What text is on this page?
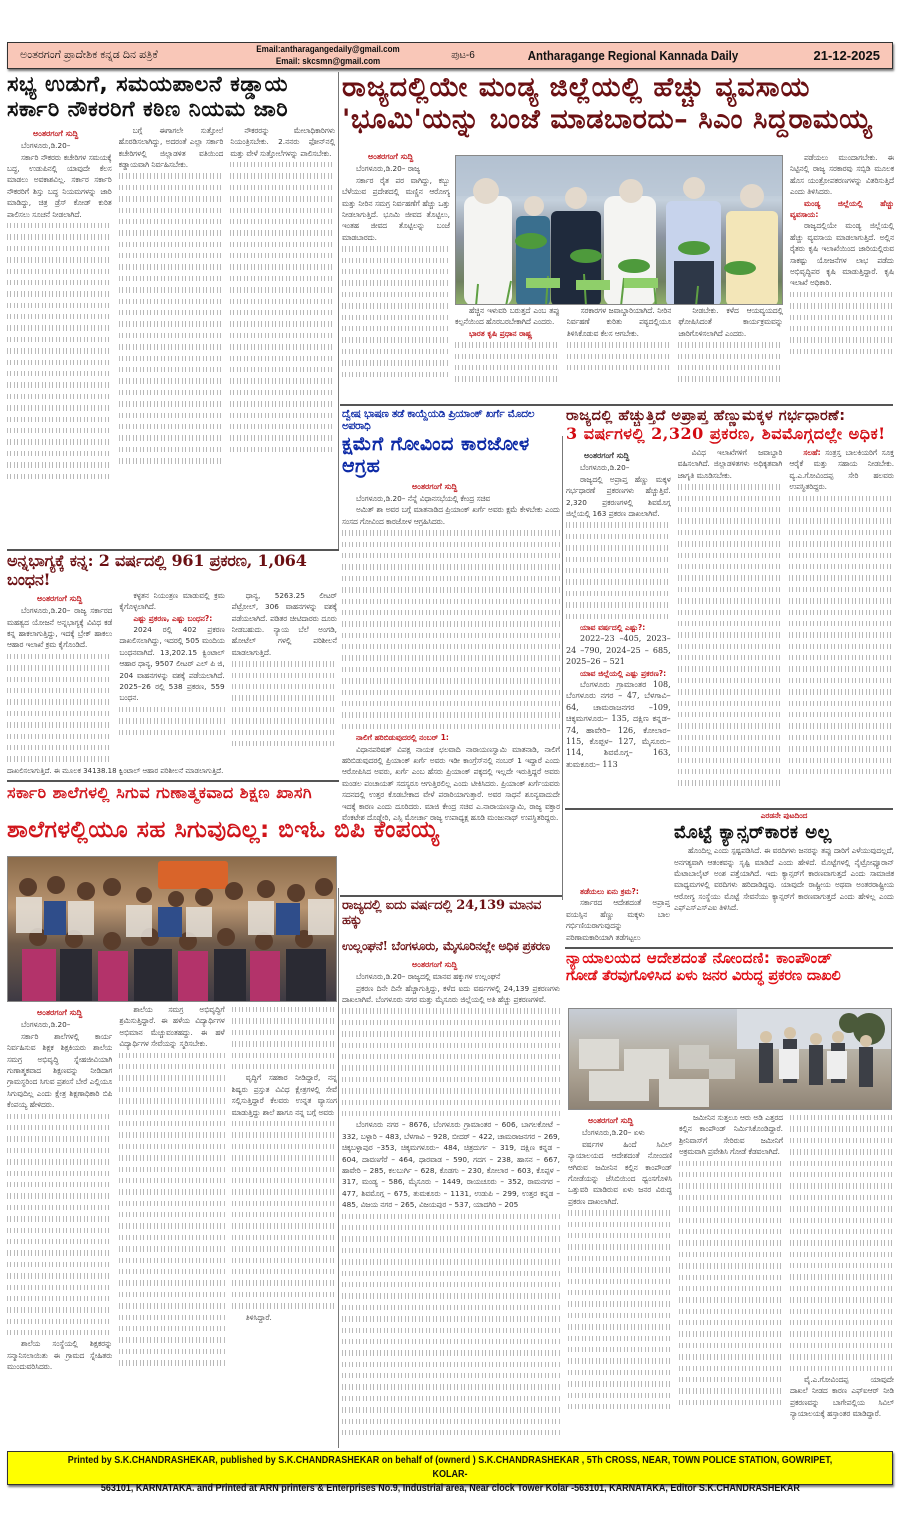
ಅಂತರಗಂಗೆ ಪ್ರಾದೇಶಿಕ ಕನ್ನಡ ದಿನ ಪತ್ರಿಕೆ	Email:antharagangedaily@gmail.com
Email: skcsmn@gmail.com	ಪುಟ-6	Antharagange Regional Kannada Daily	21-12-2025
ಸಭ್ಯ ಉಡುಗೆ, ಸಮಯಪಾಲನೆ ಕಡ್ಡಾಯ
ಸರ್ಕಾರಿ ನೌಕರರಿಗೆ ಕಠಿಣ ನಿಯಮ ಜಾರಿ
ಅಂತರಗಂಗೆ ಸುದ್ದಿ

ಬೆಂಗಳೂರು,ಡಿ.20–

ಸರ್ಕಾರಿ ನೌಕರರು ಕಚೇರಿಗಳ ಸಮಯಕ್ಕೆ ಬದ್ಧ, ಉಡುಪಿನಲ್ಲಿ ಯಾವುದೇ ಕೆಲಸ ಮಾಡಲು ಅವಕಾಶವಿಲ್ಲ. ಸರ್ಕಾರ ಸರ್ಕಾರಿ ನೌಕರರಿಗೆ ಶಿಸ್ತು ಬದ್ಧ ನಿಯಮಗಳನ್ನು ಜಾರಿ ಮಾಡಿದ್ದು, ಚಿತ್ರ ಡ್ರೆಸ್ ಕೋಡ್ ಕುರಿತ ಪಾಲಿಸಲು ಸೂಚನೆ ನೀಡಲಾಗಿದೆ.

ಬಗ್ಗೆ ಈಗಾಗಲೇ ಸುತ್ತೋಲೆ ಹೊರಡಿಸಲಾಗಿದ್ದು, ಅದರಂತೆ ಎಲ್ಲಾ ಸರ್ಕಾರಿ ಕಚೇರಿಗಳಲ್ಲಿ ಜಿಲ್ಲಾಡಳಿತ ವತಿಯಿಂದ ಕಡ್ಡಾಯವಾಗಿ ನಿರ್ವಹಿಸಬೇಕು.

ನೌಕರರನ್ನು ಮೇಲಾಧಿಕಾರಿಗಳು ನಿಯಂತ್ರಿಸಬೇಕು. 2.ನನರು ಫೋನ್‌ನಲ್ಲಿ ಮತ್ತು ವೇಳೆ ಸುತ್ತೋಲೆಗಳನ್ನು ಪಾಲಿಸಬೇಕು.

ರಾಜ್ಯದಲ್ಲಿಯೇ ಮಂಡ್ಯ ಜಿಲ್ಲೆಯಲ್ಲಿ ಹೆಚ್ಚು ವ್ಯವಸಾಯ
'ಭೂಮಿ'ಯನ್ನು ಬಂಜೆ ಮಾಡಬಾರದು– ಸಿಎಂ ಸಿದ್ದರಾಮಯ್ಯ
ಅಂತರಗಂಗೆ ಸುದ್ದಿ

ಬೆಂಗಳೂರು,ಡಿ.20– ರಾಜ್ಯ

ಸರ್ಕಾರ ರೈತ ಪರ ವಾಗಿದ್ದು, ಕಬ್ಬು ಬೆಳೆಯುವ ಪ್ರದೇಶದಲ್ಲಿ ಮಣ್ಣಿನ ಆರೋಗ್ಯ ಮತ್ತು ನೀರಿನ ಸಮಗ್ರ ನಿರ್ವಹಣೆಗೆ ಹೆಚ್ಚು ಒತ್ತು ನೀಡಲಾಗುತ್ತಿದೆ. ಭೂಮಿ ಜೀವದ ತೊಟ್ಟಿಲು, ಇಂತಹ ಜೀವದ ತೊಟ್ಟಿಲನ್ನು ಬಂಜೆ ಮಾಡಬಾರದು.

ಹೆಚ್ಚಿನ ಇಳುವರಿ ಬರುತ್ತದೆ ಎಂಬ ತಪ್ಪು ಕಲ್ಪನೆಯಿಂದ ಹೊರಬರಬೇಕಾಗಿದೆ ಎಂದರು.

ಭಾರತ ಕೃಷಿ ಪ್ರಧಾನ ರಾಷ್ಟ್ರ

ಸರಕಾರಗಳ ಜವಾಬ್ದಾರಿಯಾಗಿದೆ. ನೀರಿನ ನಿರ್ವಹಣೆ ಕುರಿತು ಪಠ್ಯದಲ್ಲಿಯೂ ತಿಳಿಸಿಕೊಡುವ ಕೆಲಸ ಆಗಬೇಕು.

ನೀಡಬೇಕು. ಕಳೆದ ಆಯವ್ಯಯದಲ್ಲಿ ಘೋಷಿಸಿದಂತೆ ಕಾರ್ಯಕ್ರಮವನ್ನು ಜಾರಿಗೊಳಿಸಲಾಗಿದೆ ಎಂದರು.

ಪಡೆಯಲು ಮುಂದಾಗಬೇಕು. ಈ ನಿಟ್ಟಿನಲ್ಲಿ ರಾಜ್ಯ ಸರಕಾರವು ಸಬ್ಸಿಡಿ ಮೂಲಕ ಹೊಸ ಯಂತ್ರೋಪಕರಣಗಳನ್ನು ವಿತರಿಸುತ್ತಿದೆ ಎಂದು ತಿಳಿಸಿದರು.

ಮಂಡ್ಯ ಜಿಲ್ಲೆಯಲ್ಲಿ ಹೆಚ್ಚು ವ್ಯವಸಾಯ:

ರಾಜ್ಯದಲ್ಲಿಯೇ ಮಂಡ್ಯ ಜಿಲ್ಲೆಯಲ್ಲಿ ಹೆಚ್ಚು ವ್ಯವಸಾಯ ಮಾಡಲಾಗುತ್ತಿದೆ. ಅಲ್ಲಿನ ರೈತರು ಕೃಷಿ ಇಲಾಖೆಯಿಂದ ಜಾರಿಯಲ್ಲಿರುವ ಸಾಕಷ್ಟು ಯೋಜನೆಗಳ ಲಾಭ ಪಡೆದು ಅಭಿವೃದ್ಧಿಪರ ಕೃಷಿ ಮಾಡುತ್ತಿದ್ದಾರೆ. ಕೃಷಿ ಇಲಾಖೆ ಅಧಿಕಾರಿ.

ದ್ವೇಷ ಭಾಷಣ ತಡೆ ಕಾಯ್ದೆಯಡಿ ಪ್ರಿಯಾಂಕ್ ಖರ್ಗೆ ಮೊದಲ ಅಪರಾಧಿ
ಕ್ಷಮೆಗೆ ಗೋವಿಂದ ಕಾರಜೋಳ ಆಗ್ರಹ
ಅಂತರಗಂಗೆ ಸುದ್ದಿ

ಬೆಂಗಳೂರು,ಡಿ.20– ನೆನ್ನೆ ವಿಧಾನಸಭೆಯಲ್ಲಿ ಕೇಂದ್ರ ಸಚಿವ

ಅಮಿತ್ ಶಾ ಅವರ ಬಗ್ಗೆ ಮಾತನಾಡಿದ ಪ್ರಿಯಾಂಕ್ ಖರ್ಗೆ ಅವರು ಕ್ಷಮೆ ಕೇಳಬೇಕು ಎಂದು ಸಂಸದ ಗೋವಿಂದ ಕಾರಜೋಳ ಆಗ್ರಹಿಸಿದರು.

ನಾಲಿಗೆ ಹರಿಬಿಡುವುದರಲ್ಲಿ ನಂಬರ್ 1:

ವಿಧಾನಪರಿಷತ್ ವಿಪಕ್ಷ ನಾಯಕ ಛಲವಾದಿ ನಾರಾಯಣಸ್ವಾಮಿ ಮಾತನಾಡಿ, ನಾಲಿಗೆ ಹರಿಬಿಡುವುದರಲ್ಲಿ ಪ್ರಿಯಾಂಕ್ ಖರ್ಗೆ ಅವರು ಇಡೀ ಕಾಂಗ್ರೆಸ್‌ನಲ್ಲಿ ನಂಬರ್ 1 ಇದ್ದಾರೆ ಎಂದು ಆರೋಪಿಸಿದ ಅವರು, ಖರ್ಗೆ ಎಂಬ ಹೆಸರು ಪ್ರಿಯಾಂಕ್ ಪಕ್ಕದಲ್ಲಿ ಇಲ್ಲದೇ ಇರುತ್ತಿದ್ದರೆ ಅವರು ಮಂಡಲ ಪಂಚಾಯತ್ ಸದಸ್ಯರೂ ಆಗುತ್ತಿರಲಿಲ್ಲ ಎಂದು ಟೀಕಿಸಿದರು. ಪ್ರಿಯಾಂಕ್ ಖರ್ಗೆಯವರು ಸದನದಲ್ಲಿ ಉತ್ತರ ಕೊಡಬೇಕಾದ ವೇಳೆ ಪರಾರಿಯಾಗುತ್ತಾರೆ. ಅವರ ಸಾಧನೆ ಶೂನ್ಯವಾದುದೇ ಇದಕ್ಕೆ ಕಾರಣ ಎಂದು ದೂರಿದರು. ಮಾಜಿ ಕೇಂದ್ರ ಸಚಿವ ಎ.ನಾರಾಯಣಸ್ವಾಮಿ, ರಾಜ್ಯ ವಕ್ತಾರ ವೆಂಕಟೇಶ ದೊಡ್ಡೇರಿ, ಎಸ್ಸಿ ಮೋರ್ಚಾ ರಾಜ್ಯ ಉಪಾಧ್ಯಕ್ಷ ಹೂಡಿ ಮಂಜುನಾಥ್ ಉಪಸ್ಥಿತರಿದ್ದರು.

ರಾಜ್ಯದಲ್ಲಿ ಹೆಚ್ಚುತ್ತಿದೆ ಅಪ್ರಾಪ್ತ ಹೆಣ್ಣುಮಕ್ಕಳ ಗರ್ಭಧಾರಣೆ:
3 ವರ್ಷಗಳಲ್ಲಿ 2,320 ಪ್ರಕರಣ, ಶಿವಮೊಗ್ಗದಲ್ಲೇ ಅಧಿಕ!
ಅಂತರಗಂಗೆ ಸುದ್ದಿ

ಬೆಂಗಳೂರು,ಡಿ.20–

ರಾಜ್ಯದಲ್ಲಿ ಅಪ್ರಾಪ್ತ ಹೆಣ್ಣು ಮಕ್ಕಳ ಗರ್ಭಧಾರಣೆ ಪ್ರಕರಣಗಳು ಹೆಚ್ಚುತ್ತಿವೆ. 2,320 ಪ್ರಕರಣಗಳಲ್ಲಿ ಶಿವಮೊಗ್ಗ ಜಿಲ್ಲೆಯಲ್ಲಿ 163 ಪ್ರಕರಣ ದಾಖಲಾಗಿವೆ.

ಯಾವ ವರ್ಷದಲ್ಲಿ ಎಷ್ಟು?:

2022–23 –405, 2023–24 –790, 2024–25 – 685, 2025–26 – 521

ಯಾವ ಜಿಲ್ಲೆಯಲ್ಲಿ ಎಷ್ಟು ಪ್ರಕರಣ?:

ಬೆಂಗಳೂರು ಗ್ರಾಮಾಂತರ 108, ಬೆಂಗಳೂರು ನಗರ – 47, ಬೆಳಗಾವಿ– 64, ಚಾಮರಾಜನಗರ –109, ಚಿಕ್ಕಮಗಳೂರು– 135, ದಕ್ಷಿಣ ಕನ್ನಡ– 74, ಹಾವೇರಿ– 126, ಕೋಲಾರ– 115, ಕೊಪ್ಪಳ– 127, ಮೈಸೂರು– 114, ಶಿವಮೊಗ್ಗ– 163, ತುಮಕೂರು– 113

ವಿವಿಧ ಇಲಾಖೆಗಳಿಗೆ ಜವಾಬ್ದಾರಿ ವಹಿಸಲಾಗಿದೆ. ಜಿಲ್ಲಾಡಳಿತಗಳು ಅಧಿಕೃತವಾಗಿ ಜಾಗೃತಿ ಮೂಡಿಸಬೇಕು.

ಸಲಹೆ: ಸಂತ್ರಸ್ತ ಬಾಲಕಿಯರಿಗೆ ಸೂಕ್ತ ಆರೈಕೆ ಮತ್ತು ಸಹಾಯ ನೀಡಬೇಕು. ವ್ಯ.ಎ.ಗೋವಿಂದಪ್ಪ ಸೇರಿ ಹಲವರು ಉಪಸ್ಥಿತರಿದ್ದರು.

ಅನ್ನಭಾಗ್ಯಕ್ಕೆ ಕನ್ನ: 2 ವರ್ಷದಲ್ಲಿ 961 ಪ್ರಕರಣ, 1,064 ಬಂಧನ!
ಅಂತರಗಂಗೆ ಸುದ್ದಿ

ಬೆಂಗಳೂರು,ಡಿ.20– ರಾಜ್ಯ ಸರ್ಕಾರದ ಮಹತ್ವದ ಯೋಜನೆ ಅನ್ನಭಾಗ್ಯಕ್ಕೆ ವಿವಿಧ ಕಡೆ ಕನ್ನ ಹಾಕಲಾಗುತ್ತಿದ್ದು, ಇದಕ್ಕೆ ಬ್ರೇಕ್ ಹಾಕಲು ಆಹಾರ ಇಲಾಖೆ ಕ್ರಮ ಕೈಗೊಂಡಿದೆ.

ಕಳ್ಳತನ ನಿಯಂತ್ರಣ ಮಾಡುವಲ್ಲಿ ಕ್ರಮ ಕೈಗೊಳ್ಳಲಾಗಿದೆ.

ಎಷ್ಟು ಪ್ರಕರಣ, ಎಷ್ಟು ಬಂಧನ?:

2024 ರಲ್ಲಿ 402 ಪ್ರಕರಣ ದಾಖಲಿಸಲಾಗಿದ್ದು, ಇದರಲ್ಲಿ 505 ಮಂದಿಯ ಬಂಧನವಾಗಿದೆ. 13,202.15 ಕ್ವಿಂಟಾಲ್ ಆಹಾರ ಧಾನ್ಯ, 9507 ಲೀಟರ್ ಎಲ್ ಪಿ ಜಿ, 204 ವಾಹನಗಳನ್ನು ವಶಕ್ಕೆ ಪಡೆಯಲಾಗಿದೆ. 2025–26 ರಲ್ಲಿ 538 ಪ್ರಕರಣ, 559 ಬಂಧನ.

ಧಾನ್ಯ, 5263.25 ಲೀಟರ್ ಪೆಟ್ರೋಲ್, 306 ವಾಹನಗಳನ್ನು ವಶಕ್ಕೆ ಪಡೆಯಲಾಗಿದೆ. ಪಡಿತರ ಚೀಟಿದಾರರು ದೂರು ನೀಡಬಹುದು. ನ್ಯಾಯ ಬೆಲೆ ಅಂಗಡಿ, ಹೋಟೆಲ್ ಗಳಲ್ಲಿ ಪರಿಶೀಲನೆ ಮಾಡಲಾಗುತ್ತಿದೆ.

ದಾಖಲಿಸಲಾಗುತ್ತಿದೆ. ಈ ಮೂಲಕ 34138.18 ಕ್ವಿಂಟಾಲ್ ಆಹಾರ ಪರಿಶೀಲನೆ ಮಾಡಲಾಗುತ್ತಿದೆ.
ಸರ್ಕಾರಿ ಶಾಲೆಗಳಲ್ಲಿ ಸಿಗುವ ಗುಣಾತ್ಮಕವಾದ ಶಿಕ್ಷಣ ಖಾಸಗಿ
ಶಾಲೆಗಳಲ್ಲಿಯೂ ಸಹ ಸಿಗುವುದಿಲ್ಲ: ಬಿಇಓ ಬಿಪಿ ಕೆಂಪಯ್ಯ
ಅಂತರಗಂಗೆ ಸುದ್ದಿ

ಬೆಂಗಳೂರು,ಡಿ.20–

ಸರ್ಕಾರಿ ಶಾಲೆಗಳಲ್ಲಿ ಕಾರ್ಯ ನಿರ್ವಹಿಸುವ ಶಿಕ್ಷಕ ಶಿಕ್ಷಕಿಯರು ಶಾಲೆಯ ಸಮಗ್ರ ಅಭಿವೃದ್ಧಿ ಸ್ನೇಹಜೀವಿಯಾಗಿ ಗುಣಾತ್ಮಕವಾದ ಶಿಕ್ಷಣವನ್ನು ನೀಡಿದಾಗ ಗ್ರಾಮಸ್ಥರಿಂದ ಸಿಗುವ ಪ್ರಶಂಸೆ ಬೇರೆ ಎಲ್ಲಿಯೂ ಸಿಗುವುದಿಲ್ಲ ಎಂದು ಕ್ಷೇತ್ರ ಶಿಕ್ಷಣಾಧಿಕಾರಿ ಬಿಪಿ ಕೆಂಪಯ್ಯ ಹೇಳಿದರು.

ಶಾಲೆಯ ಸಂಸ್ಥೆಯಲ್ಲಿ ಶಿಕ್ಷಕರನ್ನು ಸನ್ಮಾನಿಸಲಾಯಿತು ಈ ಗ್ರಾಮದ ಸ್ನೇಹಿತರು ಮುಂದುವರಿಸಿದರು.

ಶಾಲೆಯ ಸಮಗ್ರ ಅಭಿವೃದ್ಧಿಗೆ ಶ್ರಮಿಸುತ್ತಿದ್ದಾರೆ. ಈ ಹಳೆಯ ವಿದ್ಯಾರ್ಥಿಗಳ ಅಭಿಮಾನ ಮೆಚ್ಚುವಂತಹದ್ದು. ಈ ಹಳೆ ವಿದ್ಯಾರ್ಥಿಗಳ ಸೇವೆಯನ್ನು ಸ್ಮರಿಸಬೇಕು.

ವೃದ್ಧಿಗೆ ಸಹಕಾರ ನೀಡಿದ್ದಾರೆ, ನನ್ನ ಶಿಷ್ಯರು ಪ್ರಸ್ತುತ ವಿವಿಧ ಕ್ಷೇತ್ರಗಳಲ್ಲಿ ಸೇವೆ ಸಲ್ಲಿಸುತ್ತಿದ್ದಾರೆ ಕೆಲವರು ಉನ್ನತ ವ್ಯಾಸಂಗ ಮಾಡುತ್ತಿದ್ದು ಶಾಲೆ ಹಾಗೂ ನನ್ನ ಬಗ್ಗೆ ಅವರು

ತಿಳಿಸಿದ್ದಾರೆ.

ರಾಜ್ಯದಲ್ಲಿ ಐದು ವರ್ಷದಲ್ಲಿ 24,139 ಮಾನವ ಹಕ್ಕು
ಉಲ್ಲಂಘನೆ! ಬೆಂಗಳೂರು, ಮೈಸೂರಿನಲ್ಲೇ ಅಧಿಕ ಪ್ರಕರಣ
ಅಂತರಗಂಗೆ ಸುದ್ದಿ

ಬೆಂಗಳೂರು,ಡಿ.20– ರಾಜ್ಯದಲ್ಲಿ ಮಾನವ ಹಕ್ಕುಗಳ ಉಲ್ಲಂಘನೆ

ಪ್ರಕರಣ ದಿನೇ ದಿನೇ ಹೆಚ್ಚಾಗುತ್ತಿದ್ದು, ಕಳೆದ ಐದು ವರ್ಷಗಳಲ್ಲಿ 24,139 ಪ್ರಕರಣಗಳು ದಾಖಲಾಗಿವೆ. ಬೆಂಗಳೂರು ನಗರ ಮತ್ತು ಮೈಸೂರು ಜಿಲ್ಲೆಯಲ್ಲಿ ಅತಿ ಹೆಚ್ಚು ಪ್ರಕರಣಗಳಿವೆ.

ಬೆಂಗಳೂರು ನಗರ – 8676, ಬೆಂಗಳೂರು ಗ್ರಾಮಾಂತರ – 606, ಬಾಗಲಕೋಟೆ – 332, ಬಳ್ಳಾರಿ – 483, ಬೆಳಗಾವಿ – 928, ಬೀದರ್ – 422, ಚಾಮರಾಜನಗರ – 269, ಚಿಕ್ಕಬಳ್ಳಾಪುರ –353, ಚಿಕ್ಕಮಗಳೂರು– 484, ಚಿತ್ರದುರ್ಗ – 319, ದಕ್ಷಿಣ ಕನ್ನಡ – 604, ದಾವಣಗೆರೆ – 464, ಧಾರವಾಡ – 590, ಗದಗ – 238, ಹಾಸನ – 667, ಹಾವೇರಿ – 285, ಕಲಬುರ್ಗಿ – 628, ಕೊಡಗು – 230, ಕೋಲಾರ – 603, ಕೊಪ್ಪಳ – 317, ಮಂಡ್ಯ – 586, ಮೈಸೂರು – 1449, ರಾಯಚೂರು – 352, ರಾಮನಗರ – 477, ಶಿವಮೊಗ್ಗ – 675, ತುಮಕೂರು – 1131, ಉಡುಪಿ – 299, ಉತ್ತರ ಕನ್ನಡ – 485, ವಿಜಯ ನಗರ – 265, ವಿಜಯಪುರ – 537, ಯಾದಗಿರಿ – 205

ತಡೆಯಲು ಏನು ಕ್ರಮ?:

ಸರ್ಕಾರದ ಆದೇಶದಂತೆ ಅಪ್ರಾಪ್ತ ವಯಸ್ಸಿನ ಹೆಣ್ಣು ಮಕ್ಕಳು ಬಾಲ ಗರ್ಭಿಣಿಯರಾಗುವುದನ್ನು ಪರಿಣಾಮಕಾರಿಯಾಗಿ ತಡೆಗಟ್ಟಲು

ಎರಡನೇ ಪುಟದಿಂದ
ಮೊಟ್ಟೆ ಕ್ಯಾನ್ಸರ್‌ಕಾರಕ ಅಲ್ಲ

ಹೊಂದಿಲ್ಲ ಎಂದು ಸ್ಪಷ್ಟಪಡಿಸಿದೆ. ಈ ವರದಿಗಳು ಜನರನ್ನು ತಪ್ಪು ದಾರಿಗೆ ಎಳೆಯುವುದಲ್ಲದೆ, ಅನಗತ್ಯವಾಗಿ ಆತಂಕವನ್ನು ಸೃಷ್ಟಿ ಮಾಡಿದೆ ಎಂದು ಹೇಳಿದೆ. ಮೊಟ್ಟೆಗಳಲ್ಲಿ ನೈಟ್ರೋಫ್ಯೂರಾನ್ ಮೆಟಾಬಾಲೈಟ್ ಅಂಶ ಪತ್ತೆಯಾಗಿದೆ. ಇದು ಕ್ಯಾನ್ಸರ್‌ಗೆ ಕಾರಣವಾಗುತ್ತದೆ ಎಂದು ಸಾಮಾಜಿಕ ಮಾಧ್ಯಮಗಳಲ್ಲಿ ವರದಿಗಳು ಹರಿದಾಡಿದ್ದವು. ಯಾವುದೇ ರಾಷ್ಟ್ರೀಯ ಅಥವಾ ಅಂತರರಾಷ್ಟ್ರೀಯ ಆರೋಗ್ಯ ಸಂಸ್ಥೆಯು ಮೊಟ್ಟೆ ಸೇವನೆಯು ಕ್ಯಾನ್ಸರ್‌ಗೆ ಕಾರಣವಾಗುತ್ತದೆ ಎಂದು ಹೇಳಿಲ್ಲ ಎಂದು ಎಫ್ಎಸ್ಎಸ್ಎಐ ತಿಳಿಸಿದೆ.

ನ್ಯಾಯಾಲಯದ ಆದೇಶದಂತೆ ನೋಂದಣಿ: ಕಾಂಪೌಂಡ್
ಗೋಡೆ ತೆರವುಗೊಳಿಸಿದ ಏಳು ಜನರ ವಿರುದ್ಧ ಪ್ರಕರಣ ದಾಖಲಿ
ಅಂತರಗಂಗೆ ಸುದ್ದಿ

ಬೆಂಗಳೂರು,ಡಿ.20– ಏಳು

ವರ್ಷಗಳ ಹಿಂದೆ ಸಿವಿಲ್ ನ್ಯಾಯಾಲಯದ ಆದೇಶದಂತೆ ನೋಂದಣಿ ಆಗಿರುವ ಜಮೀನಿನ ಕಲ್ಲಿನ ಕಾಂಪೌಂಡ್ ಗೋಡೆಯನ್ನು ಜೆಸಿಬಿಯಿಂದ ಧ್ವಂಸಗೊಳಿಸಿ ಒತ್ತುವರಿ ಮಾಡಿರುವ ಏಳು ಜನರ ವಿರುದ್ಧ ಪ್ರಕರಣ ದಾಖಲಾಗಿದೆ.

ಜಮೀನಿನ ಸುತ್ತಲೂ ಆರು ಅಡಿ ಎತ್ತರದ ಕಲ್ಲಿನ ಕಾಂಪೌಂಡ್ ನಿರ್ಮಿಸಿಕೊಂಡಿದ್ದಾರೆ. ಶ್ರೀನಿವಾಸ್‌ಗೆ ಸೇರಿರುವ ಜಮೀನಿಗೆ ಅಕ್ರಮವಾಗಿ ಪ್ರವೇಶಿಸಿ ಗೋಡೆ ಕೆಡವಲಾಗಿದೆ.

ವೈ.ಎ.ಗೋವಿಂದಪ್ಪ ಯಾವುದೇ ದಾಖಲೆ ನೀಡದ ಕಾರಣ ಎಫ್‌ಐಆರ್ ನೀಡಿ ಪ್ರಕರಣವನ್ನು ಬಾಗೇಪಲ್ಲಿಯ ಸಿವಿಲ್ ನ್ಯಾಯಾಲಯಕ್ಕೆ ಹಸ್ತಾಂತರ ಮಾಡಿದ್ದಾರೆ.

Printed by S.K.CHANDRASHEKAR, published by S.K.CHANDRASHEKAR on behalf of (ownerd ) S.K.CHANDRASHEKAR , 5Th CROSS, NEAR, TOWN POLICE STATION, GOWRIPET, KOLAR-
563101, KARNATAKA. and Printed at ARN printers & Enterprises No.9, Industrial area, Near clock Tower Kolar -563101, KARNATAKA, Editor S.K.CHANDRASHEKAR
